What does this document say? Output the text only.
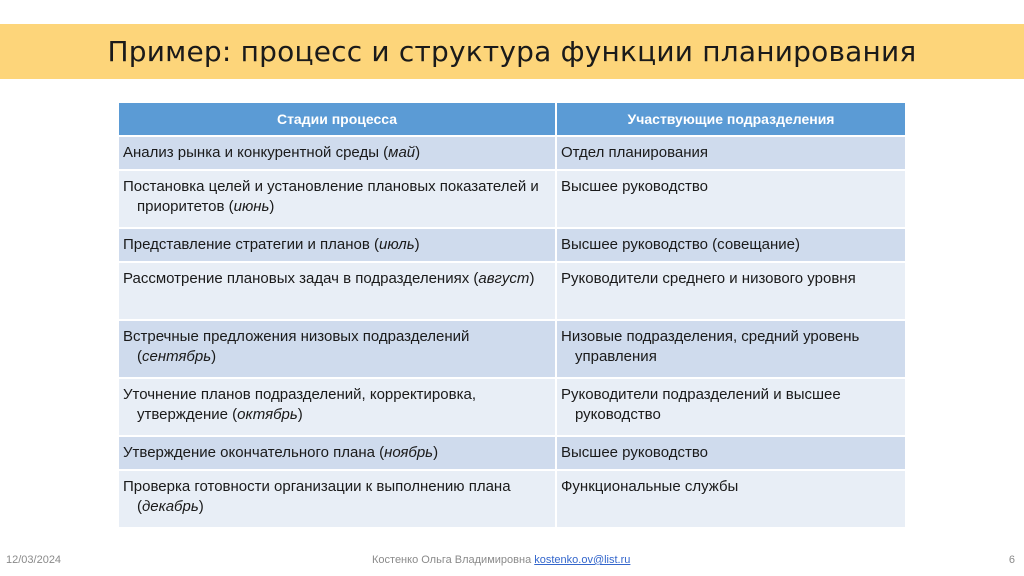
Пример: процесс и структура функции планирования
Стадии процесса	Участвующие подразделения
Анализ рынка и конкурентной среды (май)	Отдел планирования
Постановка целей и установление плановых показателей и приоритетов (июнь)	Высшее руководство
Представление стратегии и планов (июль)	Высшее руководство (совещание)
Рассмотрение плановых задач в подразделениях (август)	Руководители среднего и низового уровня
Встречные предложения низовых подразделений (сентябрь)	Низовые подразделения, средний уровень управления
Уточнение планов подразделений, корректировка, утверждение (октябрь)	Руководители подразделений и высшее руководство
Утверждение окончательного плана (ноябрь)	Высшее руководство
Проверка готовности организации к выполнению плана (декабрь)	Функциональные службы
12/03/2024	Костенко Ольга Владимировна kostenko.ov@list.ru	6
